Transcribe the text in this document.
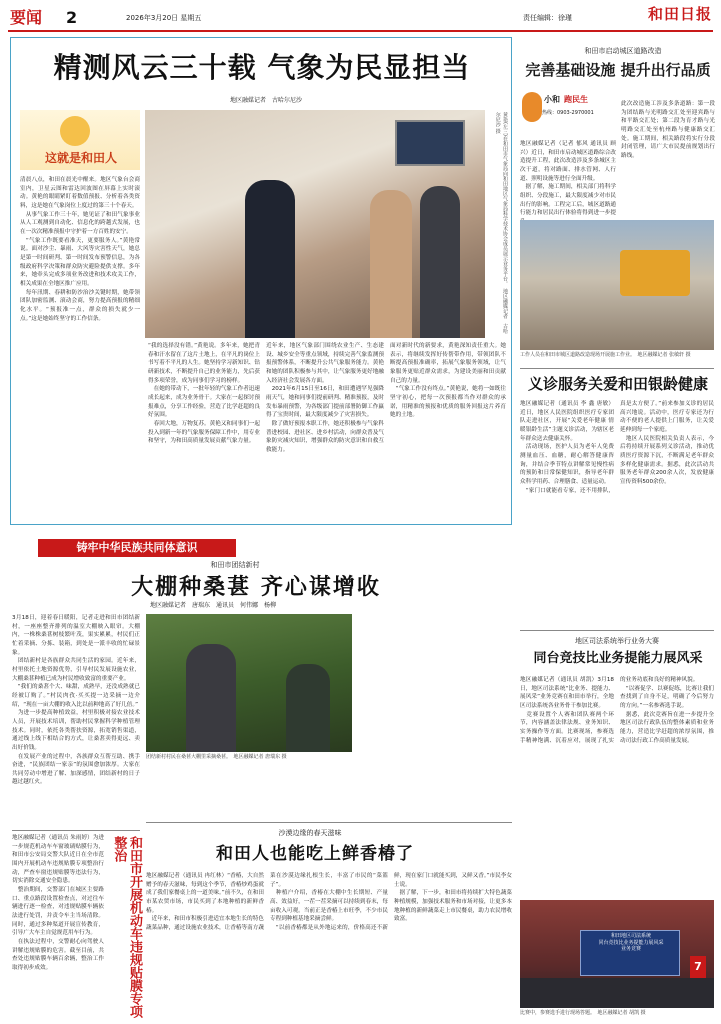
要闻 2	2026年3月20日 星期五	责任编辑：徐瑾	和田日报
精测风云三十载 气象为民显担当
地区融媒记者　古哈尔尼沙
这就是和田人	黄艳(左三)在和田市气象局向和田地区气象局科学技术协会成员展示业务平台。　地区融媒记者　古哈尔尼沙 摄
清晨八点，和田在晨光中醒来。地区气象台会商室内，卫星云图和雷达回波图在屏幕上实时滚动。黄艳的眼睛紧盯着数值预报、分析着各类资料，这是她在气象岗位上度过的第三十个春天。
　从事气象工作三十年，她见证了和田气象事业从人工观测到自动化、信息化的跨越式发展，也在一次次精准预报中守护着一方百姓的安宁。
　“气象工作既要看准天，更要服务人。”黄艳常说。面对沙尘、暴雨、大风等灾害性天气，她总是第一时间研判、第一时间发布预警信息，为各级政府科学决策和群众防灾避险提供支撑。多年来，她牵头完成多项业务改进和技术攻关工作，相关成果在全地区推广应用。
　每年汛期、春耕和防沙治沙关键时期，她带领团队加密监测、滚动会商，努力提高预报的精细化水平。“预报准一点，群众的损失就少一点。”这是她始终坚守的工作信条。
“我的选择没有错。”黄艳说。多年来，她把青春和汗水留在了这片土地上，在平凡的岗位上书写着不平凡的人生。她坚持学习新知识、钻研新技术，不断提升自己的业务能力，先后获得多项荣誉，成为同事们学习的榜样。
　在她的带动下，一批年轻的气象工作者迅速成长起来，成为业务骨干。大家在一起探讨预报难点，分享工作经验，营造了比学赶超的良好氛围。
　春回大地，万物复苏。黄艳又和同事们一起投入到新一年的气象服务保障工作中，用专业和坚守，为和田高质量发展贡献气象力量。
近年来，地区气象部门围绕农业生产、生态建设、城乡安全等重点领域，持续完善气象监测预报预警体系，不断提升公共气象服务能力。黄艳和她的团队积极参与其中，让气象服务更好地融入经济社会发展各方面。
　2021年6月15日至16日，和田遭遇罕见强降雨天气，她和同事们提前研判、精准预报，及时发布暴雨预警，为各级部门提前部署防御工作赢得了宝贵时间，最大限度减少了灾害损失。
　除了做好预报本职工作，她还积极参与气象科普进校园、进社区、进乡村活动，向群众普及气象防灾减灾知识，增强群众的防灾意识和自救互救能力。
面对新时代的新要求，黄艳深知责任重大。她表示，将继续发挥好传帮带作用，带领团队不断提高预报准确率，拓展气象服务领域，让气象服务更贴近群众需求，为建设美丽和田贡献自己的力量。
　“气象工作没有终点。”黄艳说，她将一如既往坚守初心，把每一次预报都当作对群众的承诺，用精准的预报和优质的服务回报这片养育她的土地。
和田市启动城区道路改造
完善基础设施 提升出行品质
小和 跑民生
热线：0903-2970001
此次改造施工涉及多条道路：第一段为团结路与光明路交汇处至迎宾路与和平路交汇处；第二段为育才路与光明路交汇处至杭州路与健康路交汇处。施工期间，相关路段将实行分段封闭管理，请广大市民提前规划出行路线。
地区融媒记者（记者 郁风 通讯员 顾兴）近日，和田市启动城区道路综合改造提升工程，此次改造涉及多条城区主次干道，将对路面、排水管网、人行道、照明设施等进行全面升级。
　据了解，施工期间，相关部门将科学组织、分段施工，最大限度减少对市民出行的影响。工程完工后，城区道路通行能力和居民出行体验将得到进一步提
工作人员在和田市城区道路改造现场开展施工作业。　地区融媒记者 张敏轩 摄
义诊服务关爱和田银龄健康
地区融媒记者（通讯员 李 鑫 唐敏）近日，地区人民医院组织医疗专家团队走进社区，开展“关爱老年健康 情暖银龄生活”主题义诊活动，为辖区老年群众送去健康关怀。
　活动现场，医护人员为老年人免费测量血压、血糖，耐心解答健康咨询，并结合季节特点讲解常见慢性病的预防和日常保健知识，指导老年群众科学用药、合理膳食、适量运动。
　“家门口就能看专家，还不用排队，真是太方便了。”前来参加义诊的居民高兴地说。活动中，医疗专家还为行动不便的老人提供上门服务，让关爱延伸到每一个家庭。
　地区人民医院相关负责人表示，今后将持续开展系列义诊活动，推动优质医疗资源下沉，不断满足老年群众多样化健康需求。据悉，此次活动共服务老年群众200余人次，发放健康宣传资料500余份。
铸牢中华民族共同体意识
和田市团结新村
大棚种桑葚 齐心谋增收
地区融媒记者　唐瑞东　通讯员　何伟娜　杨柳
3月18日，迎着春日暖阳，记者走进和田市团结新村，一座座整齐排列的温室大棚映入眼帘。大棚内，一株株桑葚树枝繁叶茂，果实累累，村民们正忙着采摘、分拣、装箱，到处是一派丰收的忙碌景象。
　团结新村是各族群众共同生活的家园。近年来，村里依托土地资源优势，引导村民发展设施农业，大棚桑葚种植已成为村民增收致富的重要产业。
　“我们的桑葚个大、味甜，成熟早，还没成熟就已经被订购了。”村民肉孜·买买提一边采摘一边介绍，“现在一亩大棚的收入比以前种地高了好几倍。”
　为进一步提高种植效益，村里积极对接农业技术人员，开展技术培训，帮助村民掌握科学种植管理技术。同时，依托各类帮扶资源，拓宽销售渠道，通过线上线下相结合的方式，让桑葚卖得更远、卖出好价钱。
　在发展产业的过程中，各族群众互帮互助、携手奋进，“民族团结一家亲”的氛围愈加浓厚。大家在共同劳动中增进了解、加深感情，团结新村的日子越过越红火。
团结新村村民在桑葚大棚里采摘桑葚。　地区融媒记者 唐瑞东 摄
沙漠边缘的春天滋味
和田人也能吃上鲜香椿了
地区融媒记者（通讯员 冉红林）“香椿，大自然赠予的春天滋味，每到这个季节，香椿炒鸡蛋就成了我们家餐桌上的一道美味。”前不久，在和田市某农贸市场，市民买到了本地种植的新鲜香椿。
　近年来，和田市积极引进适宜本地生长的特色蔬菜品种，通过设施农业技术，让香椿等南方蔬菜在沙漠边缘扎根生长，丰富了市民的“菜篮子”。
　种植户介绍，香椿在大棚中生长期短、产量高、效益好，一茬一茬采摘可以持续到春末，每亩收入可观。当前正是香椿上市旺季，不少市民专程到种植基地采摘尝鲜。
　“以前香椿都是从外地运来的，价格高还不新鲜，现在家门口就能买到，又鲜又香。”市民李女士说。
　据了解，下一步，和田市将持续扩大特色蔬菜种植规模，加强技术服务和市场对接，让更多本地种植的新鲜蔬菜走上市民餐桌，助力农民增收致富。
地区融媒记者（通讯员 朱雨婷）为进一步规范机动车车窗玻璃贴膜行为，和田市公安局交警大队近日在全市范围内开展机动车违规贴膜专项整治行动，严查车窗违规贴膜等违法行为，切实消除交通安全隐患。
　整治期间，交警部门在城区主要路口、重点路段设置检查点，对过往车辆进行逐一检查，对违规贴膜车辆依法进行处罚，并责令车主当场清除。同时，通过多种渠道开展宣传教育，引导广大车主自觉规范用车行为。
　在执法过程中，交警耐心向驾驶人讲解违规贴膜的危害。截至目前，共查处违规贴膜车辆百余辆，整治工作取得初步成效。	和田市开展机动车违规贴膜专项整治
地区司法系统举行业务大赛
同台竞技比业务提能力展风采
地区融媒记者（通讯员 胡凯）3月18日，地区司法系统“比业务、提能力、展风采”业务竞赛在和田市举行，全地区司法系统各业务骨干参加比赛。
　竞赛设置个人赛和团队赛两个环节，内容涵盖法律法规、业务知识、实务操作等方面。比赛现场，参赛选手精神饱满、沉着应对，展现了扎实的业务功底和良好的精神风貌。
　“以赛促学、以赛促练，比赛让我们查找到了自身不足，明确了今后努力的方向。”一名参赛选手说。
　据悉，此次竞赛旨在进一步提升全地区司法行政队伍的整体素质和业务能力，营造比学赶超的浓厚氛围，推动司法行政工作高质量发展。
和田地区司法系统
同台竞技比业务提能力展风采
业务竞赛
7
比赛中，参赛选手进行现场答题。　地区融媒记者 胡凯 摄
